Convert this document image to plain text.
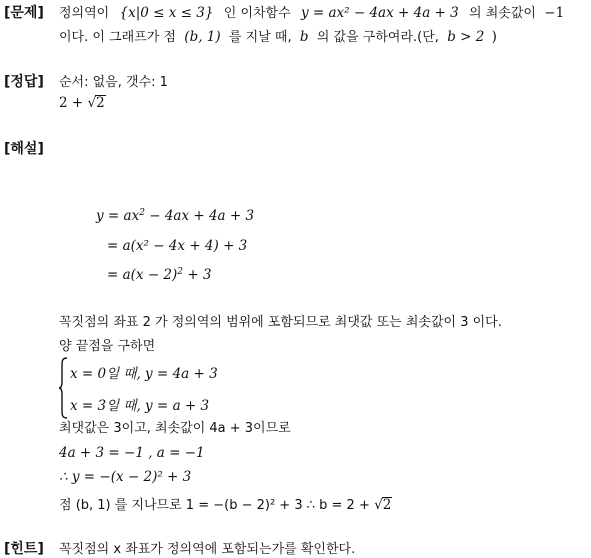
[문제]
[정답]
[해설]
[힌트]
정의역이 {x|0 ≤ x ≤ 3} 인 이차함수 y = ax² − 4ax + 4a + 3 의 최솟값이 −1
이다. 이 그래프가 점 (b, 1) 를 지날 때, b 의 값을 구하여라.(단, b > 2 )
순서: 없음, 갯수: 1
2 + √2
$y = ax^2 - 4ax + 4a + 3$
= a(x² − 4x + 4) + 3
= $a(x - 2)^2 + 3$
꼭짓점의 좌표 2 가 정의역의 범위에 포함되므로 최댓값 또는 최솟값이 3 이다.
양 끝점을 구하면
x = 0일 때, y = 4a + 3
x = 3일 때, y = a + 3
최댓값은 3이고, 최솟값이 4a + 3이므로
4a + 3 = −1 , a = −1
∴ y = −(x − 2)² + 3
점 (b, 1) 를 지나므로 1 = −(b − 2)² + 3 ∴ b = 2 + √2
꼭짓점의 x 좌표가 정의역에 포함되는가를 확인한다.
